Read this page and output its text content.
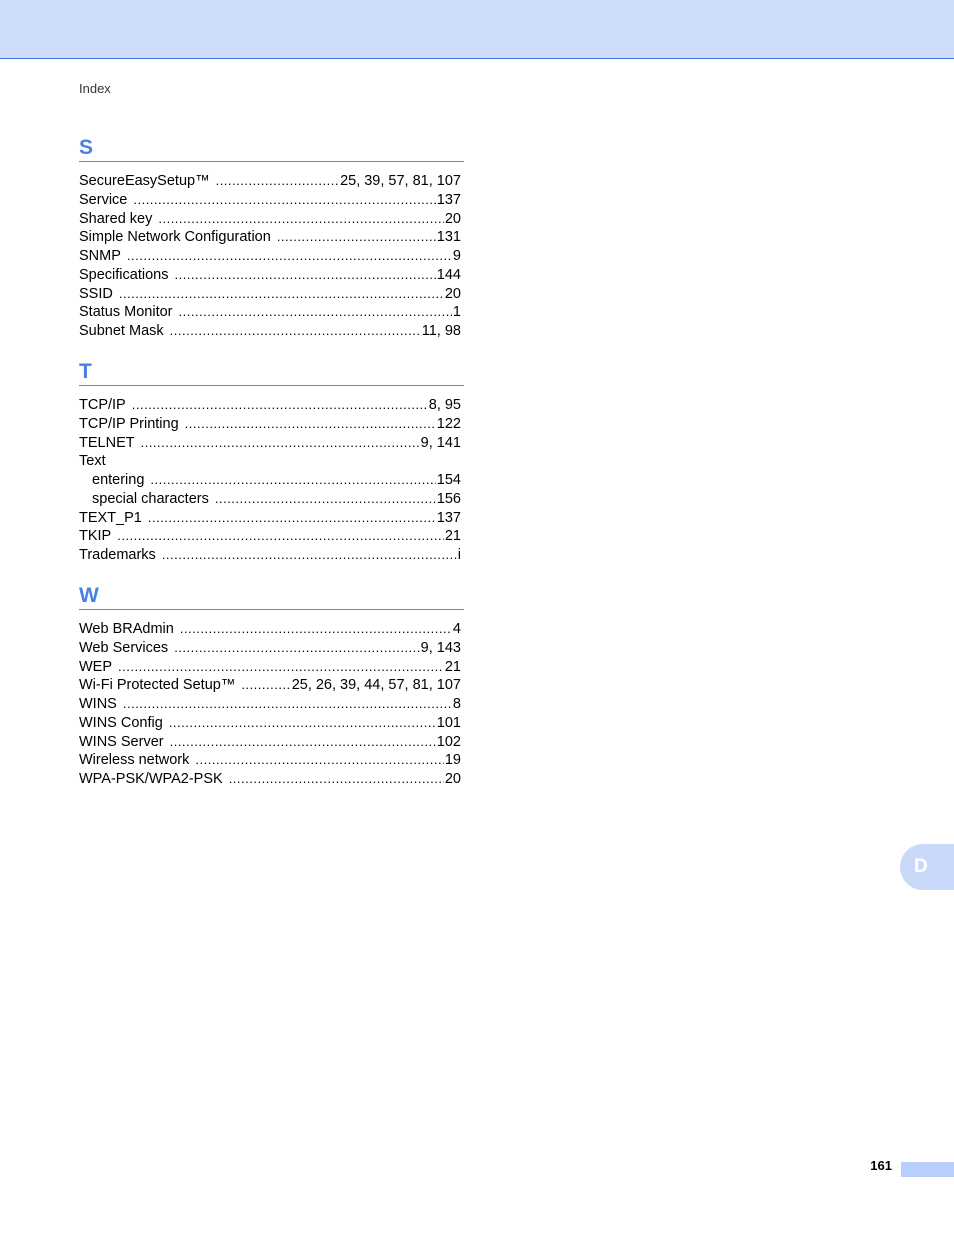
Index
S
SecureEasySetup™ .....	25, 39, 57, 81, 107
Service .....	137
Shared key .....	20
Simple Network Configuration .....	131
SNMP .....	9
Specifications .....	144
SSID .....	20
Status Monitor .....	1
Subnet Mask .....	11, 98
T
TCP/IP .....	8, 95
TCP/IP Printing .....	122
TELNET .....	9, 141
Text
entering .....	154
special characters .....	156
TEXT_P1 .....	137
TKIP .....	21
Trademarks .....	i
W
Web BRAdmin .....	4
Web Services .....	9, 143
WEP .....	21
Wi-Fi Protected Setup™ .....	25, 26, 39, 44, 57, 81, 107
WINS .....	8
WINS Config .....	101
WINS Server .....	102
Wireless network .....	19
WPA-PSK/WPA2-PSK .....	20
D
161
